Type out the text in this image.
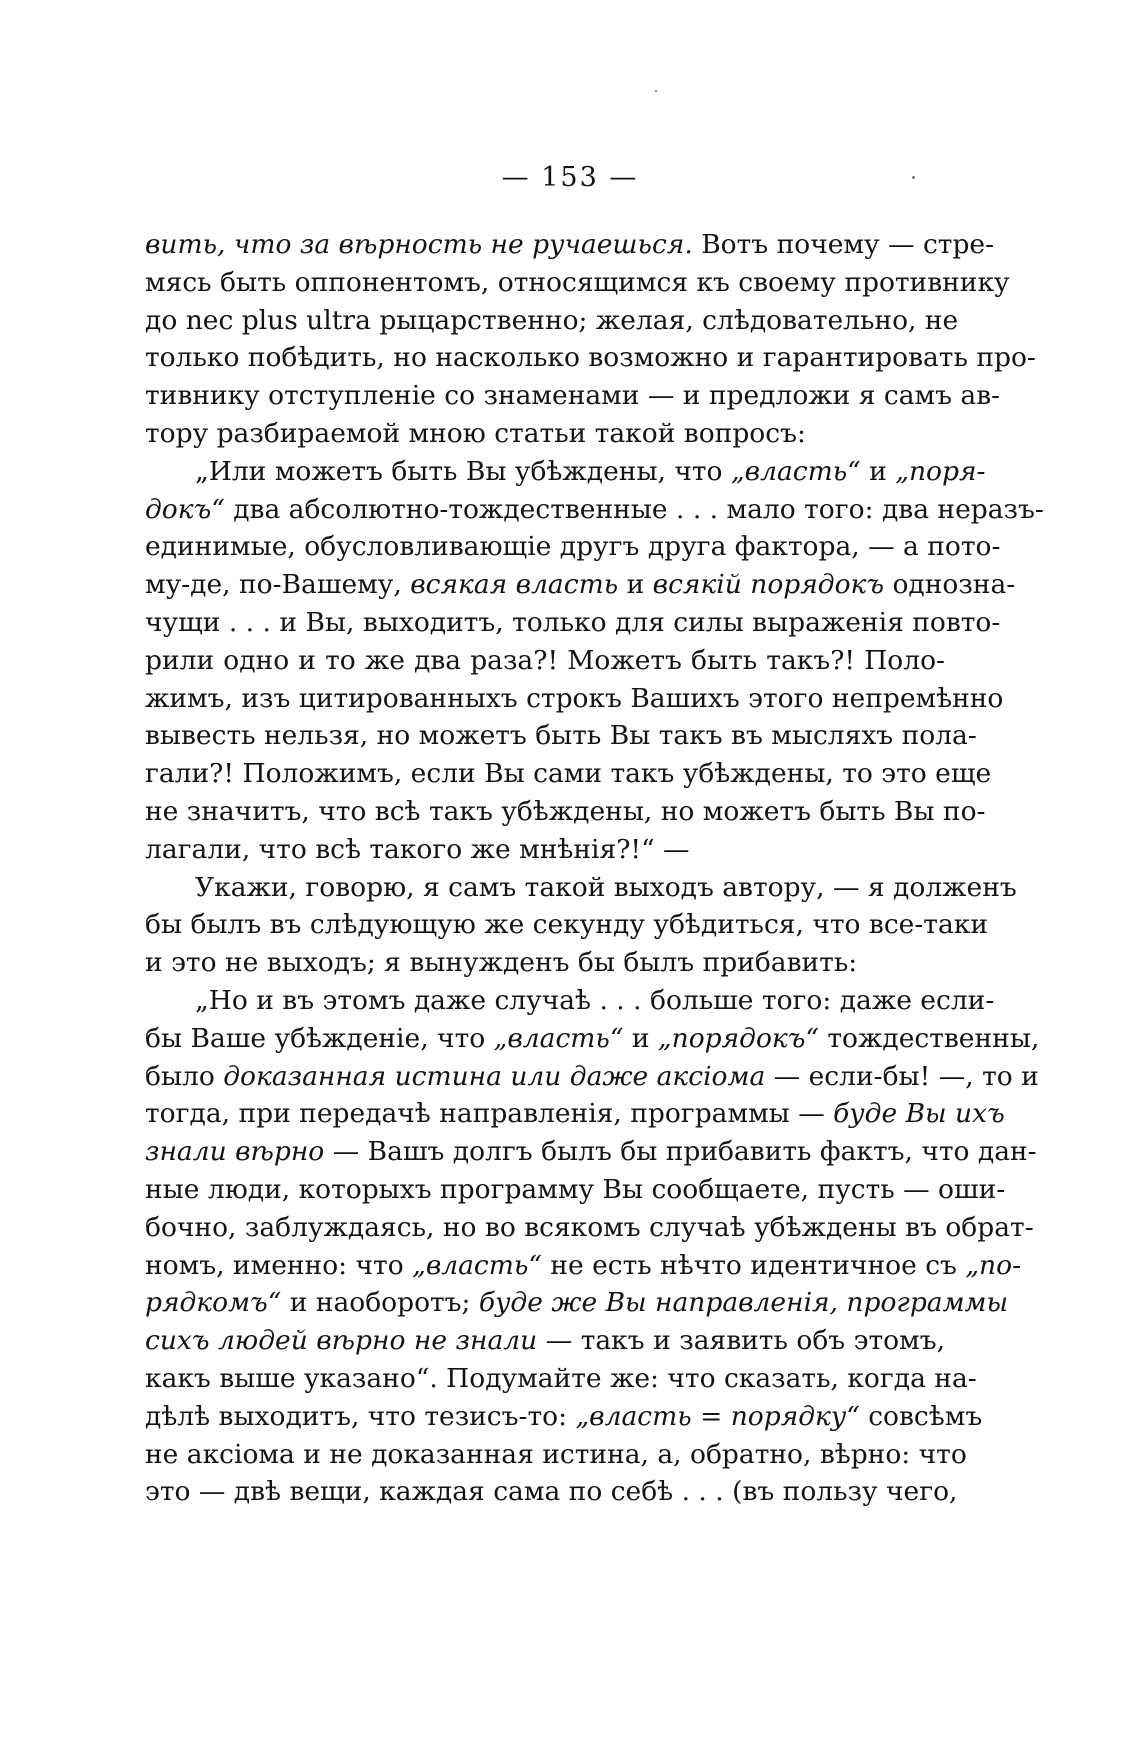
— 153 —
вить, что за вѣрность не ручаешься. Вотъ почему — стре-
мясь быть оппонентомъ, относящимся къ своему противнику
до nec plus ultra рыцарственно; желая, слѣдовательно, не
только побѣдить, но насколько возможно и гарантировать про-
тивнику отступленіе со знаменами — и предложи я самъ ав-
тору разбираемой мною статьи такой вопросъ:
„Или можетъ быть Вы убѣждены, что „власть“ и „поря-
докъ“ два абсолютно-тождественные . . . мало того: два неразъ-
единимые, обусловливающіе другъ друга фактора, — а пото-
му-де, по-Вашему, всякая власть и всякій порядокъ однозна-
чущи . . . и Вы, выходитъ, только для силы выраженія повто-
рили одно и то же два раза?! Можетъ быть такъ?! Поло-
жимъ, изъ цитированныхъ строкъ Вашихъ этого непремѣнно
вывесть нельзя, но можетъ быть Вы такъ въ мысляхъ пола-
гали?! Положимъ, если Вы сами такъ убѣждены, то это еще
не значитъ, что всѣ такъ убѣждены, но можетъ быть Вы по-
лагали, что всѣ такого же мнѣнія?!“ —
Укажи, говорю, я самъ такой выходъ автору, — я долженъ
бы былъ въ слѣдующую же секунду убѣдиться, что все-таки
и это не выходъ; я вынужденъ бы былъ прибавить:
„Но и въ этомъ даже случаѣ . . . больше того: даже если-
бы Ваше убѣжденіе, что „власть“ и „порядокъ“ тождественны,
было доказанная истина или даже аксіома — если-бы! —, то и
тогда, при передачѣ направленія, программы — буде Вы ихъ
знали вѣрно — Вашъ долгъ былъ бы прибавить фактъ, что дан-
ные люди, которыхъ программу Вы сообщаете, пусть — оши-
бочно, заблуждаясь, но во всякомъ случаѣ убѣждены въ обрат-
номъ, именно: что „власть“ не есть нѣчто идентичное съ „по-
рядкомъ“ и наоборотъ; буде же Вы направленія, программы
сихъ людей вѣрно не знали — такъ и заявить объ этомъ,
какъ выше указано“. Подумайте же: что сказать, когда на-
дѣлѣ выходитъ, что тезисъ-то: „власть = порядку“ совсѣмъ
не аксіома и не доказанная истина, а, обратно, вѣрно: что
это — двѣ вещи, каждая сама по себѣ . . . (въ пользу чего,
